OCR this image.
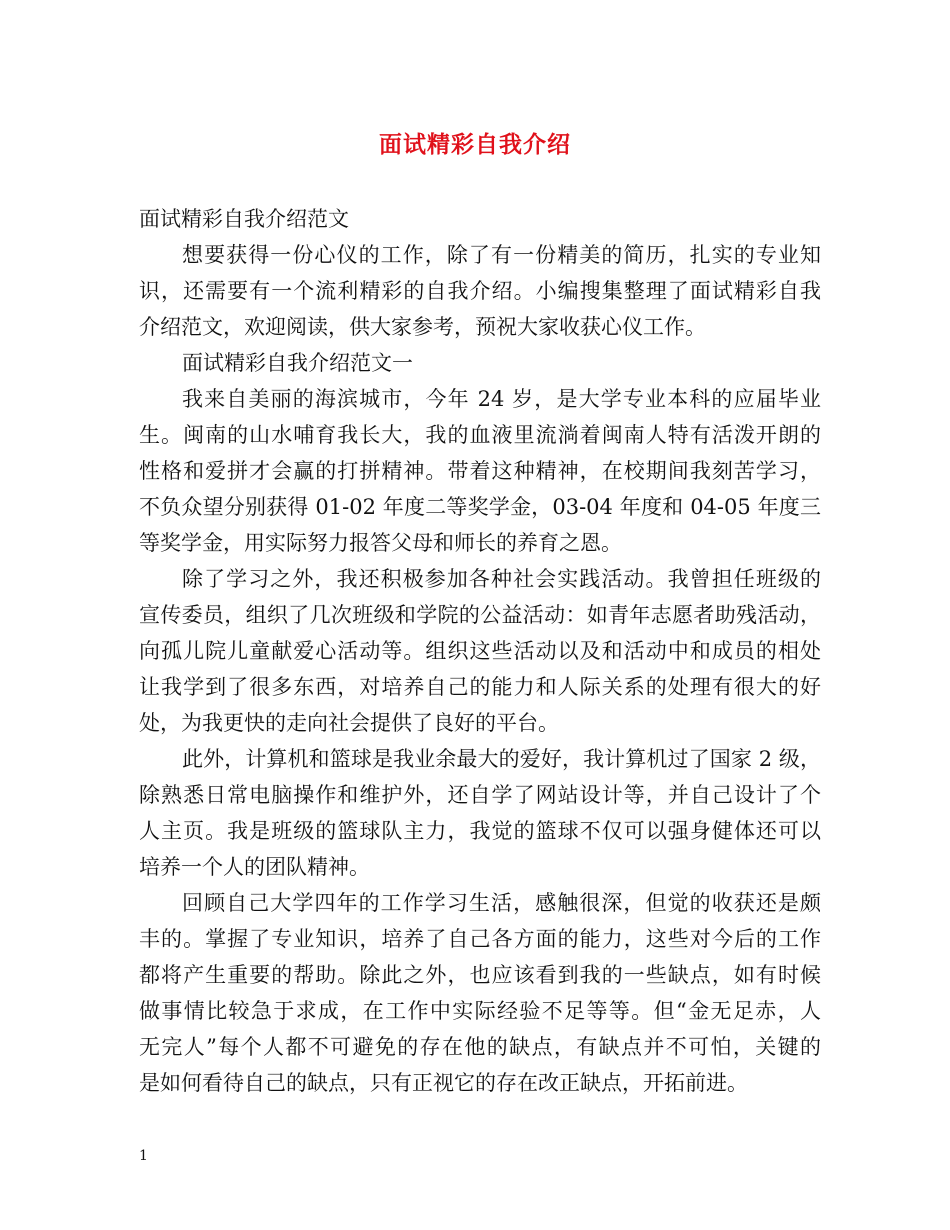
面试精彩自我介绍

面试精彩自我介绍范文

想要获得一份心仪的工作，除了有一份精美的简历，扎实的专业知
识，还需要有一个流利精彩的自我介绍。小编搜集整理了面试精彩自我
介绍范文，欢迎阅读，供大家参考，预祝大家收获心仪工作。

面试精彩自我介绍范文一

我来自美丽的海滨城市，今年 24 岁，是大学专业本科的应届毕业
生。闽南的山水哺育我长大，我的血液里流淌着闽南人特有活泼开朗的
性格和爱拼才会赢的打拼精神。带着这种精神，在校期间我刻苦学习，
不负众望分别获得 01-02 年度二等奖学金，03-04 年度和 04-05 年度三
等奖学金，用实际努力报答父母和师长的养育之恩。

除了学习之外，我还积极参加各种社会实践活动。我曾担任班级的
宣传委员，组织了几次班级和学院的公益活动：如青年志愿者助残活动，
向孤儿院儿童献爱心活动等。组织这些活动以及和活动中和成员的相处
让我学到了很多东西，对培养自己的能力和人际关系的处理有很大的好
处，为我更快的走向社会提供了良好的平台。

此外，计算机和篮球是我业余最大的爱好，我计算机过了国家 2 级，
除熟悉日常电脑操作和维护外，还自学了网站设计等，并自己设计了个
人主页。我是班级的篮球队主力，我觉的篮球不仅可以强身健体还可以
培养一个人的团队精神。

回顾自己大学四年的工作学习生活，感触很深，但觉的收获还是颇
丰的。掌握了专业知识，培养了自己各方面的能力，这些对今后的工作
都将产生重要的帮助。除此之外，也应该看到我的一些缺点，如有时候
做事情比较急于求成，在工作中实际经验不足等等。但“金无足赤，人
无完人”每个人都不可避免的存在他的缺点，有缺点并不可怕，关键的
是如何看待自己的缺点，只有正视它的存在改正缺点，开拓前进。

1
